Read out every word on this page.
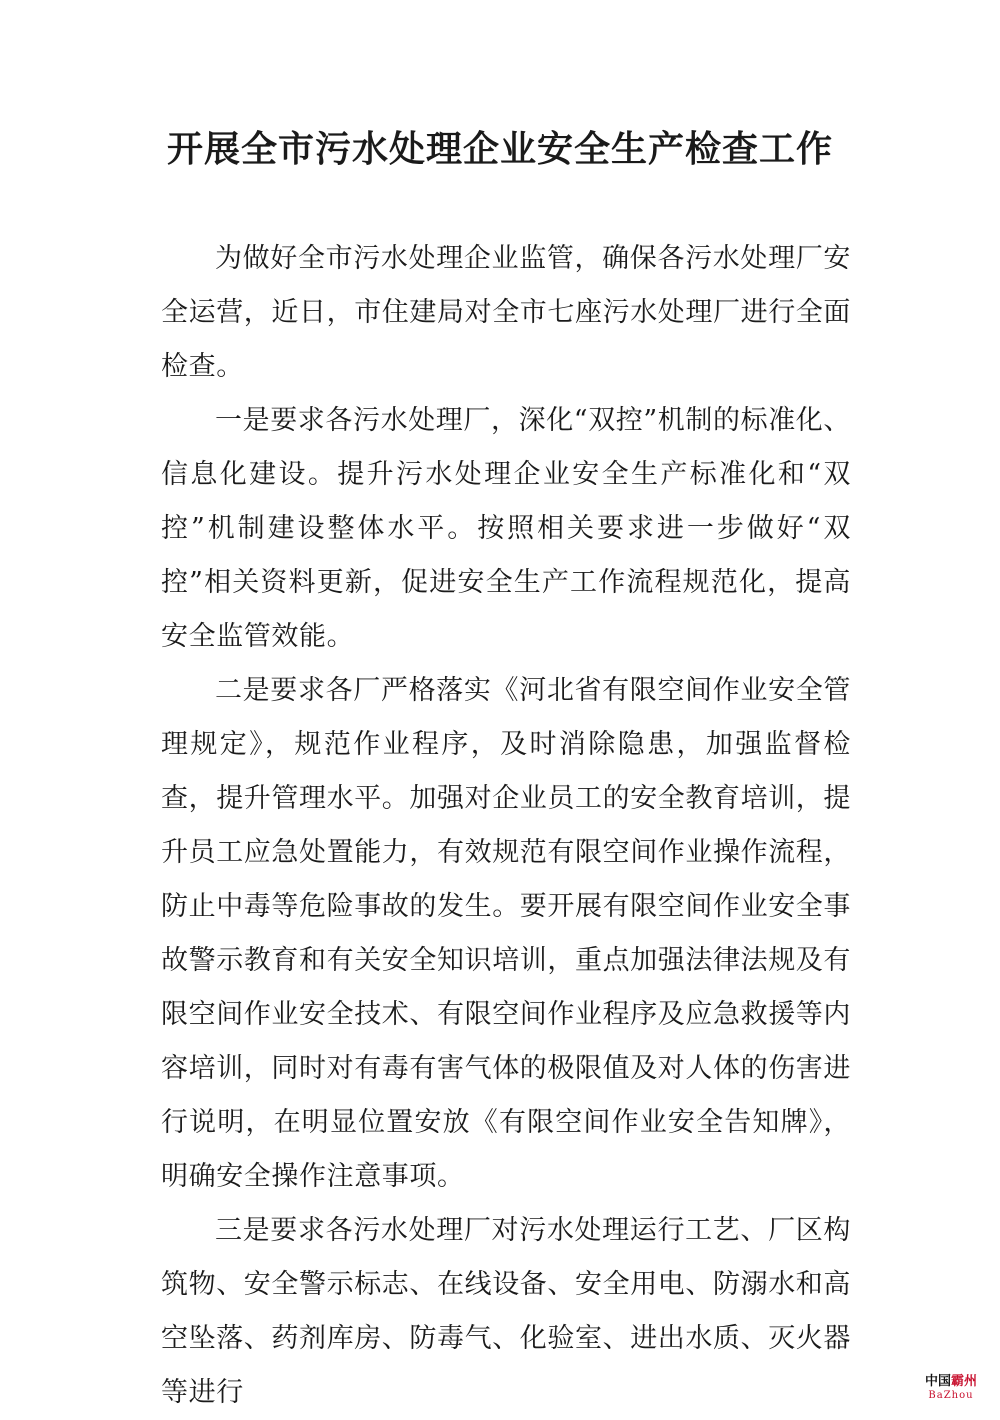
开展全市污水处理企业安全生产检查工作

为做好全市污水处理企业监管，确保各污水处理厂安全运营，近日，市住建局对全市七座污水处理厂进行全面检查。

一是要求各污水处理厂，深化“双控”机制的标准化、信息化建设。提升污水处理企业安全生产标准化和“双控”机制建设整体水平。按照相关要求进一步做好“双控”相关资料更新，促进安全生产工作流程规范化，提高安全监管效能。

二是要求各厂严格落实《河北省有限空间作业安全管理规定》，规范作业程序，及时消除隐患，加强监督检查，提升管理水平。加强对企业员工的安全教育培训，提升员工应急处置能力，有效规范有限空间作业操作流程，防止中毒等危险事故的发生。要开展有限空间作业安全事故警示教育和有关安全知识培训，重点加强法律法规及有限空间作业安全技术、有限空间作业程序及应急救援等内容培训，同时对有毒有害气体的极限值及对人体的伤害进行说明，在明显位置安放《有限空间作业安全告知牌》，明确安全操作注意事项。

三是要求各污水处理厂对污水处理运行工艺、厂区构筑物、安全警示标志、在线设备、安全用电、防溺水和高空坠落、药剂库房、防毒气、化验室、进出水质、灭火器等进行	中国霸州
BaZhou
